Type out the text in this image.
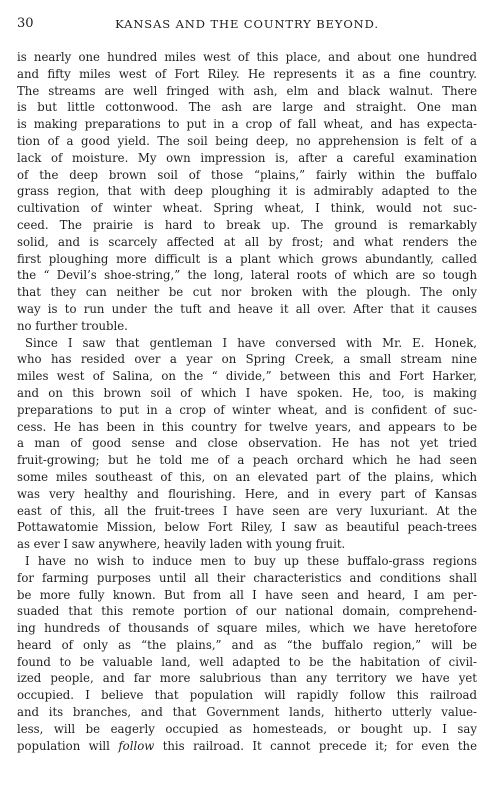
30	KANSAS AND THE COUNTRY BEYOND.
is nearly one hundred miles west of this place, and about one hundred
and fifty miles west of Fort Riley. He represents it as a fine country.
The streams are well fringed with ash, elm and black walnut. There
is but little cottonwood. The ash are large and straight. One man
is making preparations to put in a crop of fall wheat, and has expecta-
tion of a good yield. The soil being deep, no apprehension is felt of a
lack of moisture. My own impression is, after a careful examination
of the deep brown soil of those “plains,” fairly within the buffalo
grass region, that with deep ploughing it is admirably adapted to the
cultivation of winter wheat. Spring wheat, I think, would not suc-
ceed. The prairie is hard to break up. The ground is remarkably
solid, and is scarcely affected at all by frost; and what renders the
first ploughing more difficult is a plant which grows abundantly, called
the “ Devil’s shoe-string,” the long, lateral roots of which are so tough
that they can neither be cut nor broken with the plough. The only
way is to run under the tuft and heave it all over. After that it causes
no further trouble.
Since I saw that gentleman I have conversed with Mr. E. Honek,
who has resided over a year on Spring Creek, a small stream nine
miles west of Salina, on the “ divide,” between this and Fort Harker,
and on this brown soil of which I have spoken. He, too, is making
preparations to put in a crop of winter wheat, and is confident of suc-
cess. He has been in this country for twelve years, and appears to be
a man of good sense and close observation. He has not yet tried
fruit-growing; but he told me of a peach orchard which he had seen
some miles southeast of this, on an elevated part of the plains, which
was very healthy and flourishing. Here, and in every part of Kansas
east of this, all the fruit-trees I have seen are very luxuriant. At the
Pottawatomie Mission, below Fort Riley, I saw as beautiful peach-trees
as ever I saw anywhere, heavily laden with young fruit.
I have no wish to induce men to buy up these buffalo-grass regions
for farming purposes until all their characteristics and conditions shall
be more fully known. But from all I have seen and heard, I am per-
suaded that this remote portion of our national domain, comprehend-
ing hundreds of thousands of square miles, which we have heretofore
heard of only as “the plains,” and as “the buffalo region,” will be
found to be valuable land, well adapted to be the habitation of civil-
ized people, and far more salubrious than any territory we have yet
occupied. I believe that population will rapidly follow this railroad
and its branches, and that Government lands, hitherto utterly value-
less, will be eagerly occupied as homesteads, or bought up. I say
population will follow this railroad. It cannot precede it; for even the
